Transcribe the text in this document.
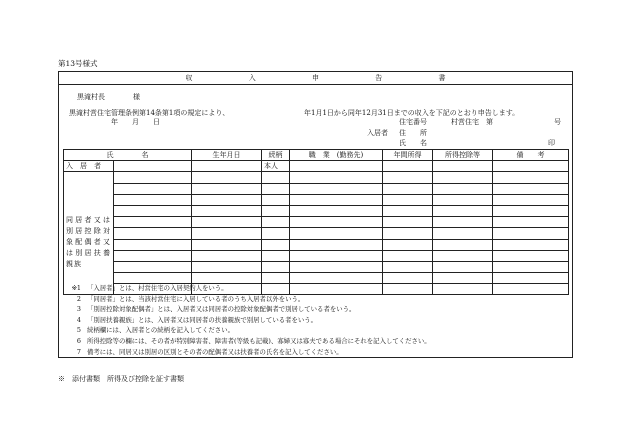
第13号様式
収 入 申 告 書
黒滝村長　　　　様
黒滝村営住宅管理条例第14条第1項の規定により、	年1月1日から同年12月31日までの収入を下記のとおり申告します。
年　　月　　日	住宅番号	村営住宅　第	号
入居者 住　　所
氏　　名	印
氏　　　　名		生年月日	続柄	職　業　(勤務先)	年間所得	所得控除等	備　　考
入　居　者			本人				
同居者又は別居控除対象配偶者又は別居扶養親族							

※1 「入居者」とは、村営住宅の入居契約人をいう。
2 「同居者」とは、当該村営住宅に入居している者のうち入居者以外をいう。
3 「別居控除対象配偶者」とは、入居者又は同居者の控除対象配偶者で別居している者をいう。
4 「別居扶養親族」とは、入居者又は同居者の扶養親族で別居している者をいう。
5 続柄欄には、入居者との続柄を記入してください。
6 所得控除等の欄には、その者が特別障害者、障害者(等級も記載)、寡婦又は寡夫である場合にそれを記入してください。
7 備考には、同居又は別居の区別とその者の配偶者又は扶養者の氏名を記入してください。
※　添付書類　所得及び控除を証す書類
